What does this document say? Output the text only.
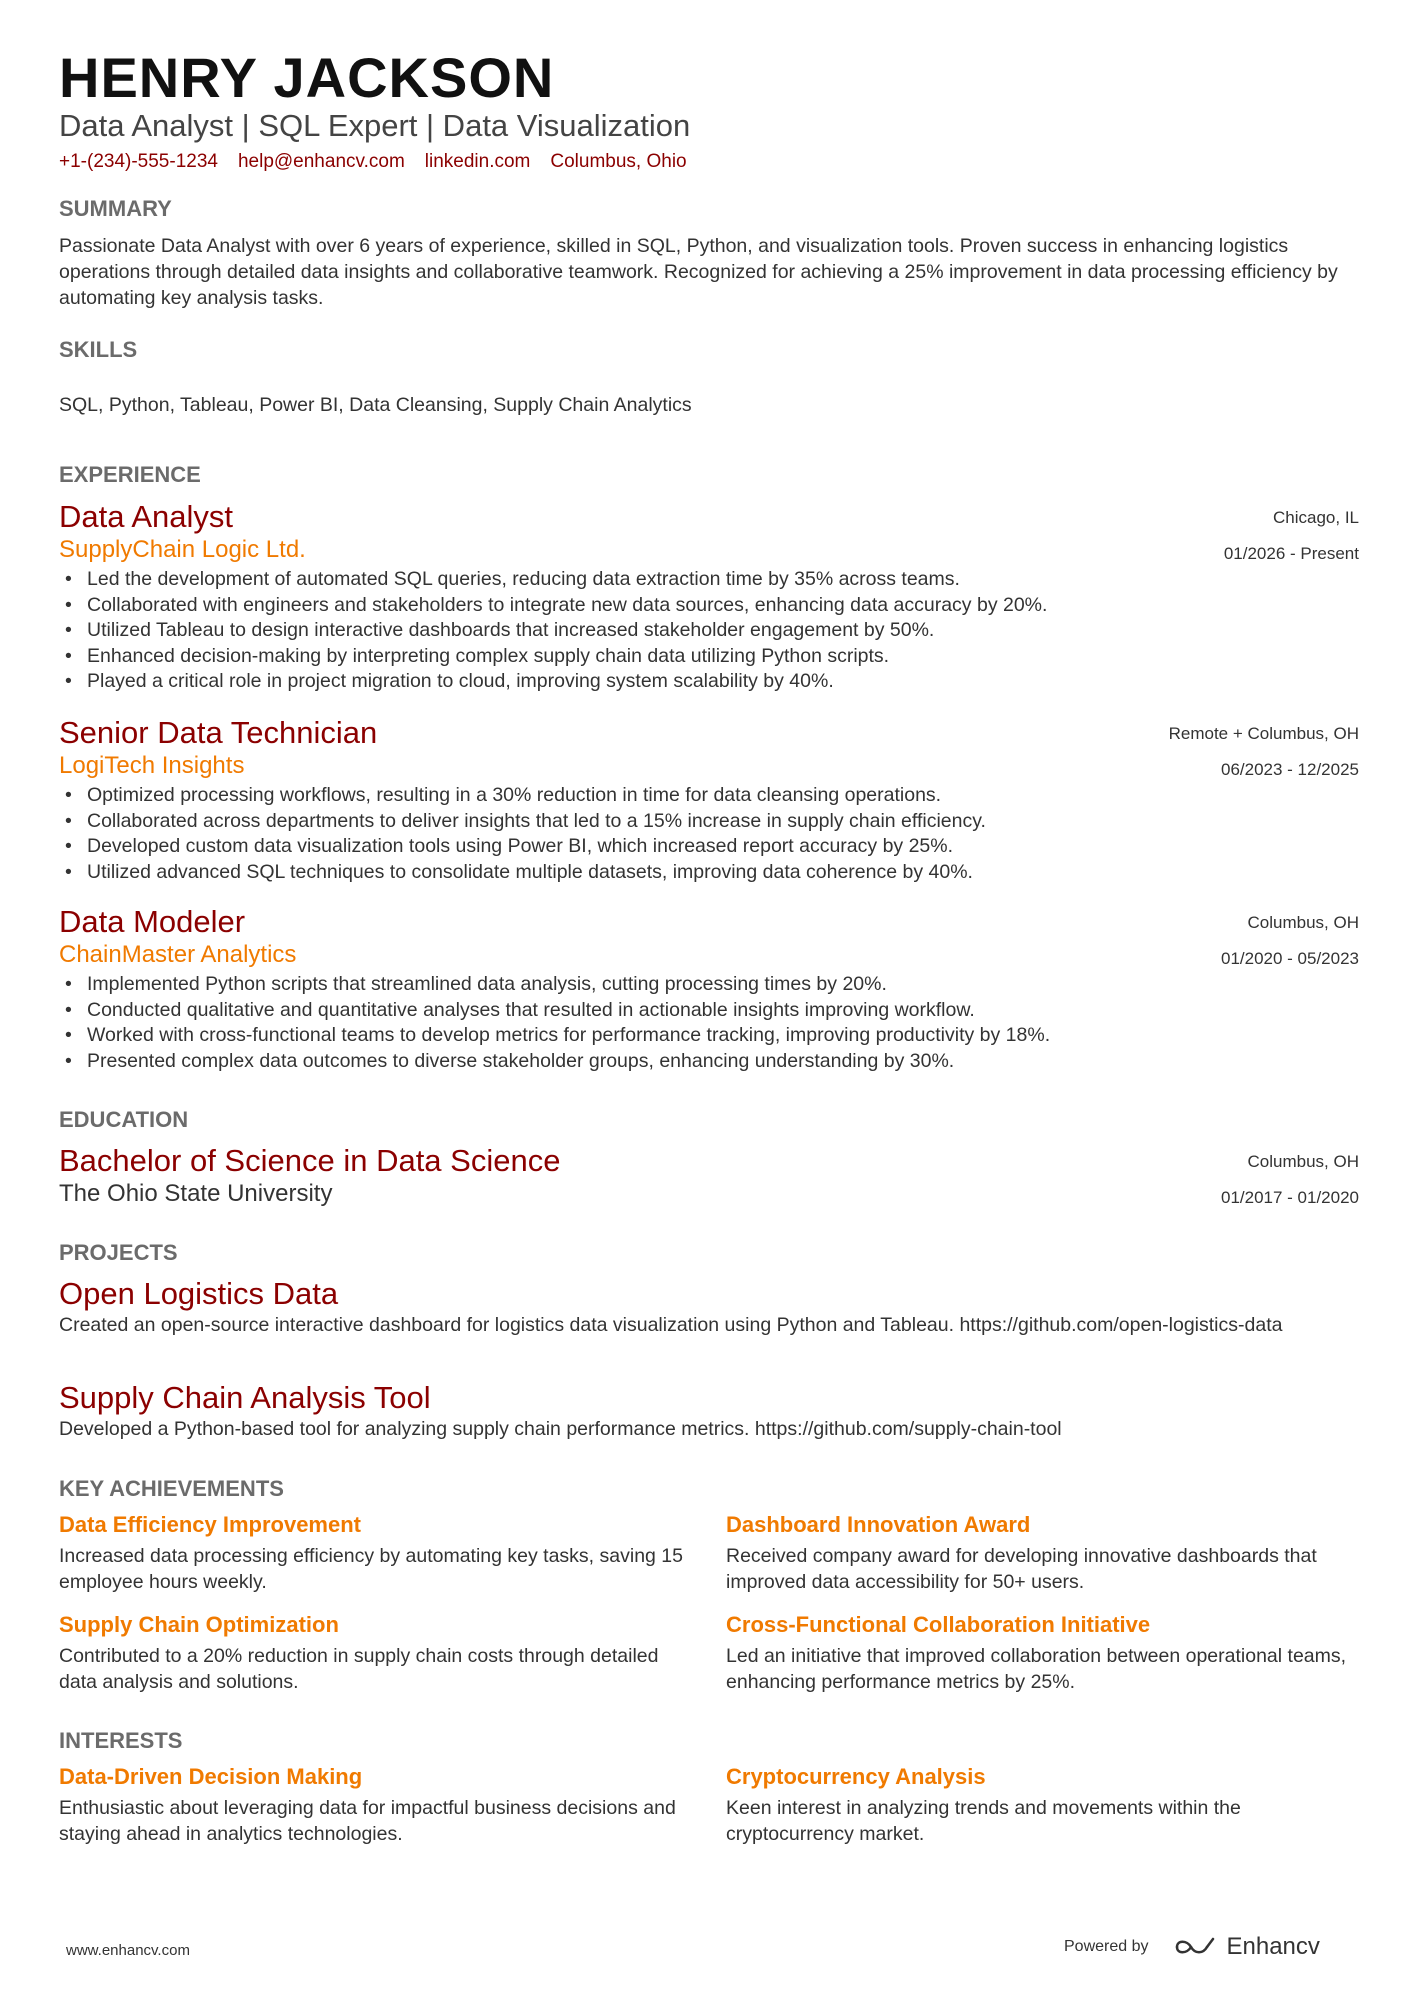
HENRY JACKSON

Data Analyst | SQL Expert | Data Visualization

+1-(234)-555-1234 help@enhancv.com linkedin.com Columbus, Ohio
SUMMARY

Passionate Data Analyst with over 6 years of experience, skilled in SQL, Python, and visualization tools. Proven success in enhancing logistics operations through detailed data insights and collaborative teamwork. Recognized for achieving a 25% improvement in data processing efficiency by automating key analysis tasks.

SKILLS

SQL, Python, Tableau, Power BI, Data Cleansing, Supply Chain Analytics

EXPERIENCE

Data Analyst

SupplyChain Logic Ltd.

Chicago, IL
01/2026 - Present
• Led the development of automated SQL queries, reducing data extraction time by 35% across teams.
• Collaborated with engineers and stakeholders to integrate new data sources, enhancing data accuracy by 20%.
• Utilized Tableau to design interactive dashboards that increased stakeholder engagement by 50%.
• Enhanced decision-making by interpreting complex supply chain data utilizing Python scripts.
• Played a critical role in project migration to cloud, improving system scalability by 40%.

Senior Data Technician

LogiTech Insights

Remote + Columbus, OH
06/2023 - 12/2025
• Optimized processing workflows, resulting in a 30% reduction in time for data cleansing operations.
• Collaborated across departments to deliver insights that led to a 15% increase in supply chain efficiency.
• Developed custom data visualization tools using Power BI, which increased report accuracy by 25%.
• Utilized advanced SQL techniques to consolidate multiple datasets, improving data coherence by 40%.

Data Modeler

ChainMaster Analytics

Columbus, OH
01/2020 - 05/2023
• Implemented Python scripts that streamlined data analysis, cutting processing times by 20%.
• Conducted qualitative and quantitative analyses that resulted in actionable insights improving workflow.
• Worked with cross-functional teams to develop metrics for performance tracking, improving productivity by 18%.
• Presented complex data outcomes to diverse stakeholder groups, enhancing understanding by 30%.
EDUCATION

Bachelor of Science in Data Science

The Ohio State University

Columbus, OH
01/2017 - 01/2020
PROJECTS

Open Logistics Data

Created an open-source interactive dashboard for logistics data visualization using Python and Tableau. https://github.com/open-logistics-data

Supply Chain Analysis Tool

Developed a Python-based tool for analyzing supply chain performance metrics. https://github.com/supply-chain-tool

KEY ACHIEVEMENTS

Data Efficiency Improvement

Increased data processing efficiency by automating key tasks, saving 15 employee hours weekly.

Dashboard Innovation Award

Received company award for developing innovative dashboards that improved data accessibility for 50+ users.

Supply Chain Optimization

Contributed to a 20% reduction in supply chain costs through detailed data analysis and solutions.

Cross-Functional Collaboration Initiative

Led an initiative that improved collaboration between operational teams, enhancing performance metrics by 25%.

INTERESTS

Data-Driven Decision Making

Enthusiastic about leveraging data for impactful business decisions and staying ahead in analytics technologies.

Cryptocurrency Analysis

Keen interest in analyzing trends and movements within the cryptocurrency market.

www.enhancv.com	Powered by	Enhancv
